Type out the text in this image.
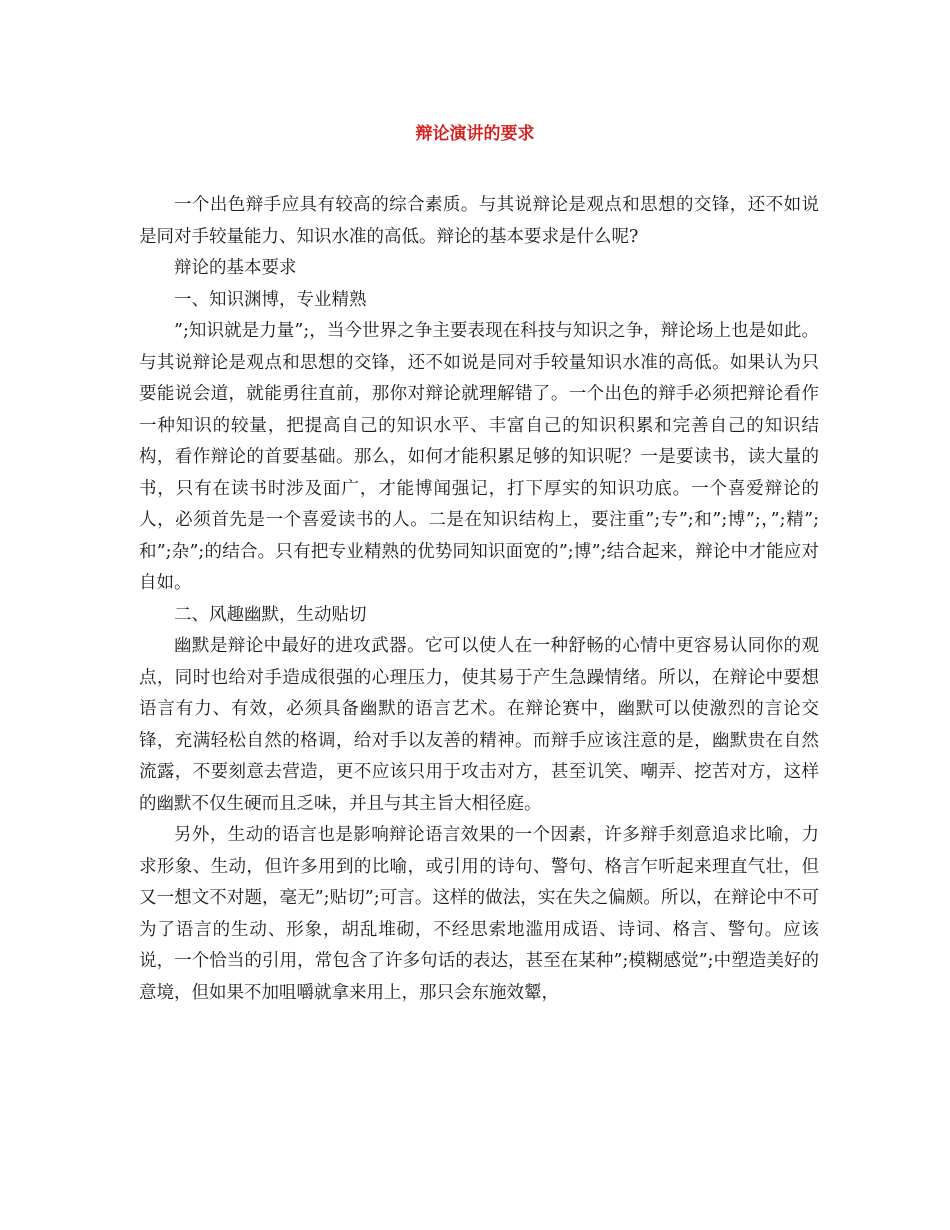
辩论演讲的要求

一个出色辩手应具有较高的综合素质。与其说辩论是观点和思想的交锋，还不如说是同对手较量能力、知识水准的高低。辩论的基本要求是什么呢?

辩论的基本要求

一、知识渊博，专业精熟

”;知识就是力量”;，当今世界之争主要表现在科技与知识之争，辩论场上也是如此。与其说辩论是观点和思想的交锋，还不如说是同对手较量知识水准的高低。如果认为只要能说会道，就能勇往直前，那你对辩论就理解错了。一个出色的辩手必须把辩论看作一种知识的较量，把提高自己的知识水平、丰富自己的知识积累和完善自己的知识结构，看作辩论的首要基础。那么，如何才能积累足够的知识呢？一是要读书，读大量的书，只有在读书时涉及面广，才能博闻强记，打下厚实的知识功底。一个喜爱辩论的人，必须首先是一个喜爱读书的人。二是在知识结构上，要注重”;专”;和”;博”;，”;精”;和”;杂”;的结合。只有把专业精熟的优势同知识面宽的”;博”;结合起来，辩论中才能应对自如。

二、风趣幽默，生动贴切

幽默是辩论中最好的进攻武器。它可以使人在一种舒畅的心情中更容易认同你的观点，同时也给对手造成很强的心理压力，使其易于产生急躁情绪。所以，在辩论中要想语言有力、有效，必须具备幽默的语言艺术。在辩论赛中，幽默可以使激烈的言论交锋，充满轻松自然的格调，给对手以友善的精神。而辩手应该注意的是，幽默贵在自然流露，不要刻意去营造，更不应该只用于攻击对方，甚至讥笑、嘲弄、挖苦对方，这样的幽默不仅生硬而且乏味，并且与其主旨大相径庭。

另外，生动的语言也是影响辩论语言效果的一个因素，许多辩手刻意追求比喻，力求形象、生动，但许多用到的比喻，或引用的诗句、警句、格言乍听起来理直气壮，但又一想文不对题，毫无”;贴切”;可言。这样的做法，实在失之偏颇。所以，在辩论中不可为了语言的生动、形象，胡乱堆砌，不经思索地滥用成语、诗词、格言、警句。应该说，一个恰当的引用，常包含了许多句话的表达，甚至在某种”;模糊感觉”;中塑造美好的意境，但如果不加咀嚼就拿来用上，那只会东施效颦，
